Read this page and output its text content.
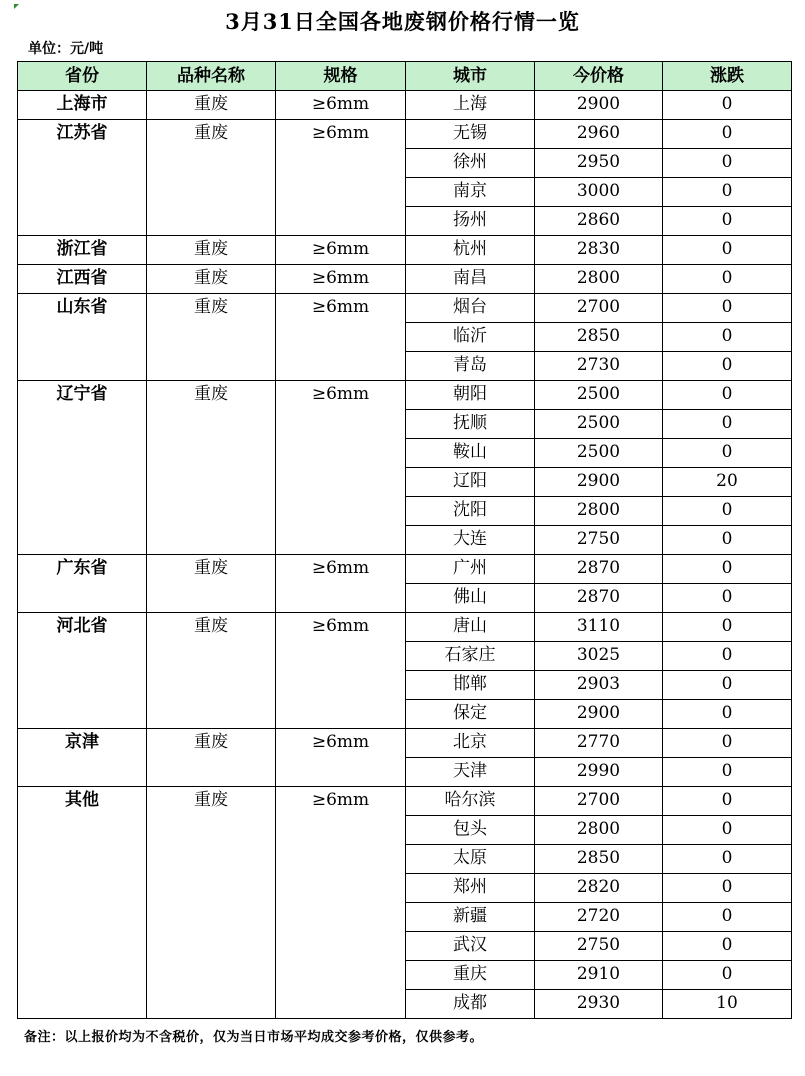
3月31日全国各地废钢价格行情一览
单位：元/吨
省份	品种名称	规格	城市	今价格	涨跌
上海市	重废	≥6mm	上海	2900	0
江苏省	重废	≥6mm	无锡	2960	0
			徐州	2950	0
			南京	3000	0
			扬州	2860	0
浙江省	重废	≥6mm	杭州	2830	0
江西省	重废	≥6mm	南昌	2800	0
山东省	重废	≥6mm	烟台	2700	0
			临沂	2850	0
			青岛	2730	0
辽宁省	重废	≥6mm	朝阳	2500	0
			抚顺	2500	0
			鞍山	2500	0
			辽阳	2900	20
			沈阳	2800	0
			大连	2750	0
广东省	重废	≥6mm	广州	2870	0
			佛山	2870	0
河北省	重废	≥6mm	唐山	3110	0
			石家庄	3025	0
			邯郸	2903	0
			保定	2900	0
京津	重废	≥6mm	北京	2770	0
			天津	2990	0
其他	重废	≥6mm	哈尔滨	2700	0
			包头	2800	0
			太原	2850	0
			郑州	2820	0
			新疆	2720	0
			武汉	2750	0
			重庆	2910	0
			成都	2930	10
备注：以上报价均为不含税价，仅为当日市场平均成交参考价格，仅供参考。
